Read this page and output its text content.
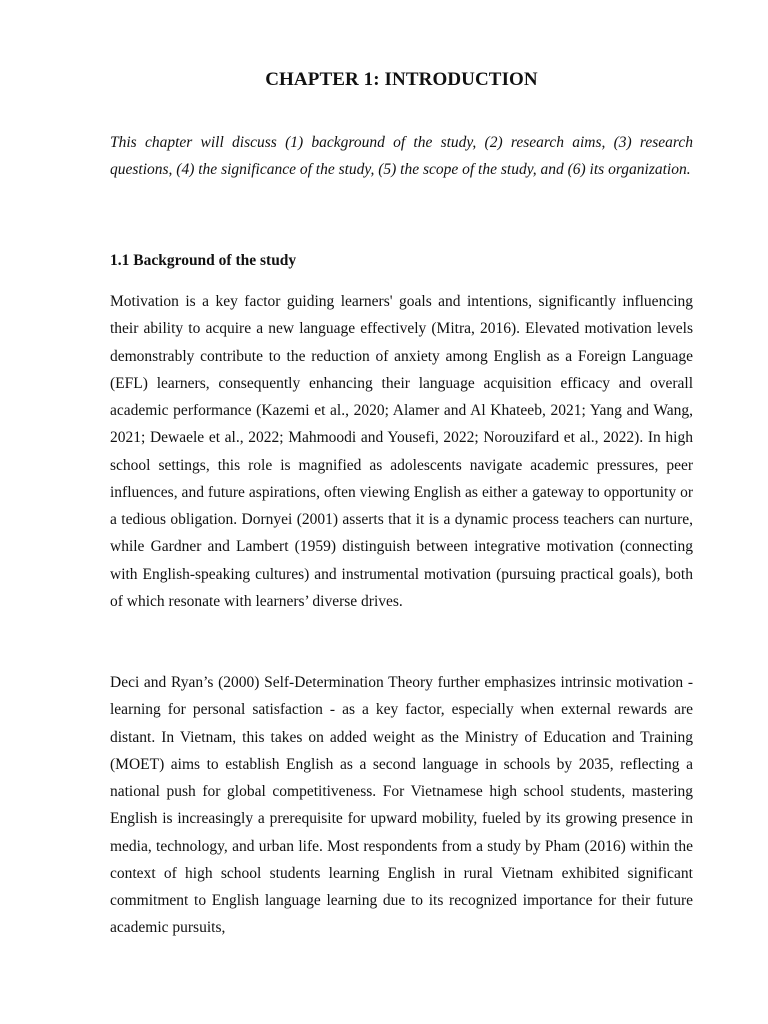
CHAPTER 1: INTRODUCTION

This chapter will discuss (1) background of the study, (2) research aims, (3) research questions, (4) the significance of the study, (5) the scope of the study, and (6) its organization.

1.1 Background of the study

Motivation is a key factor guiding learners' goals and intentions, significantly influencing their ability to acquire a new language effectively (Mitra, 2016). Elevated motivation levels demonstrably contribute to the reduction of anxiety among English as a Foreign Language (EFL) learners, consequently enhancing their language acquisition efficacy and overall academic performance (Kazemi et al., 2020; Alamer and Al Khateeb, 2021; Yang and Wang, 2021; Dewaele et al., 2022; Mahmoodi and Yousefi, 2022; Norouzifard et al., 2022). In high school settings, this role is magnified as adolescents navigate academic pressures, peer influences, and future aspirations, often viewing English as either a gateway to opportunity or a tedious obligation. Dornyei (2001) asserts that it is a dynamic process teachers can nurture, while Gardner and Lambert (1959) distinguish between integrative motivation (connecting with English-speaking cultures) and instrumental motivation (pursuing practical goals), both of which resonate with learners’ diverse drives.

Deci and Ryan’s (2000) Self-Determination Theory further emphasizes intrinsic motivation - learning for personal satisfaction - as a key factor, especially when external rewards are distant. In Vietnam, this takes on added weight as the Ministry of Education and Training (MOET) aims to establish English as a second language in schools by 2035, reflecting a national push for global competitiveness. For Vietnamese high school students, mastering English is increasingly a prerequisite for upward mobility, fueled by its growing presence in media, technology, and urban life. Most respondents from a study by Pham (2016) within the context of high school students learning English in rural Vietnam exhibited significant commitment to English language learning due to its recognized importance for their future academic pursuits,
